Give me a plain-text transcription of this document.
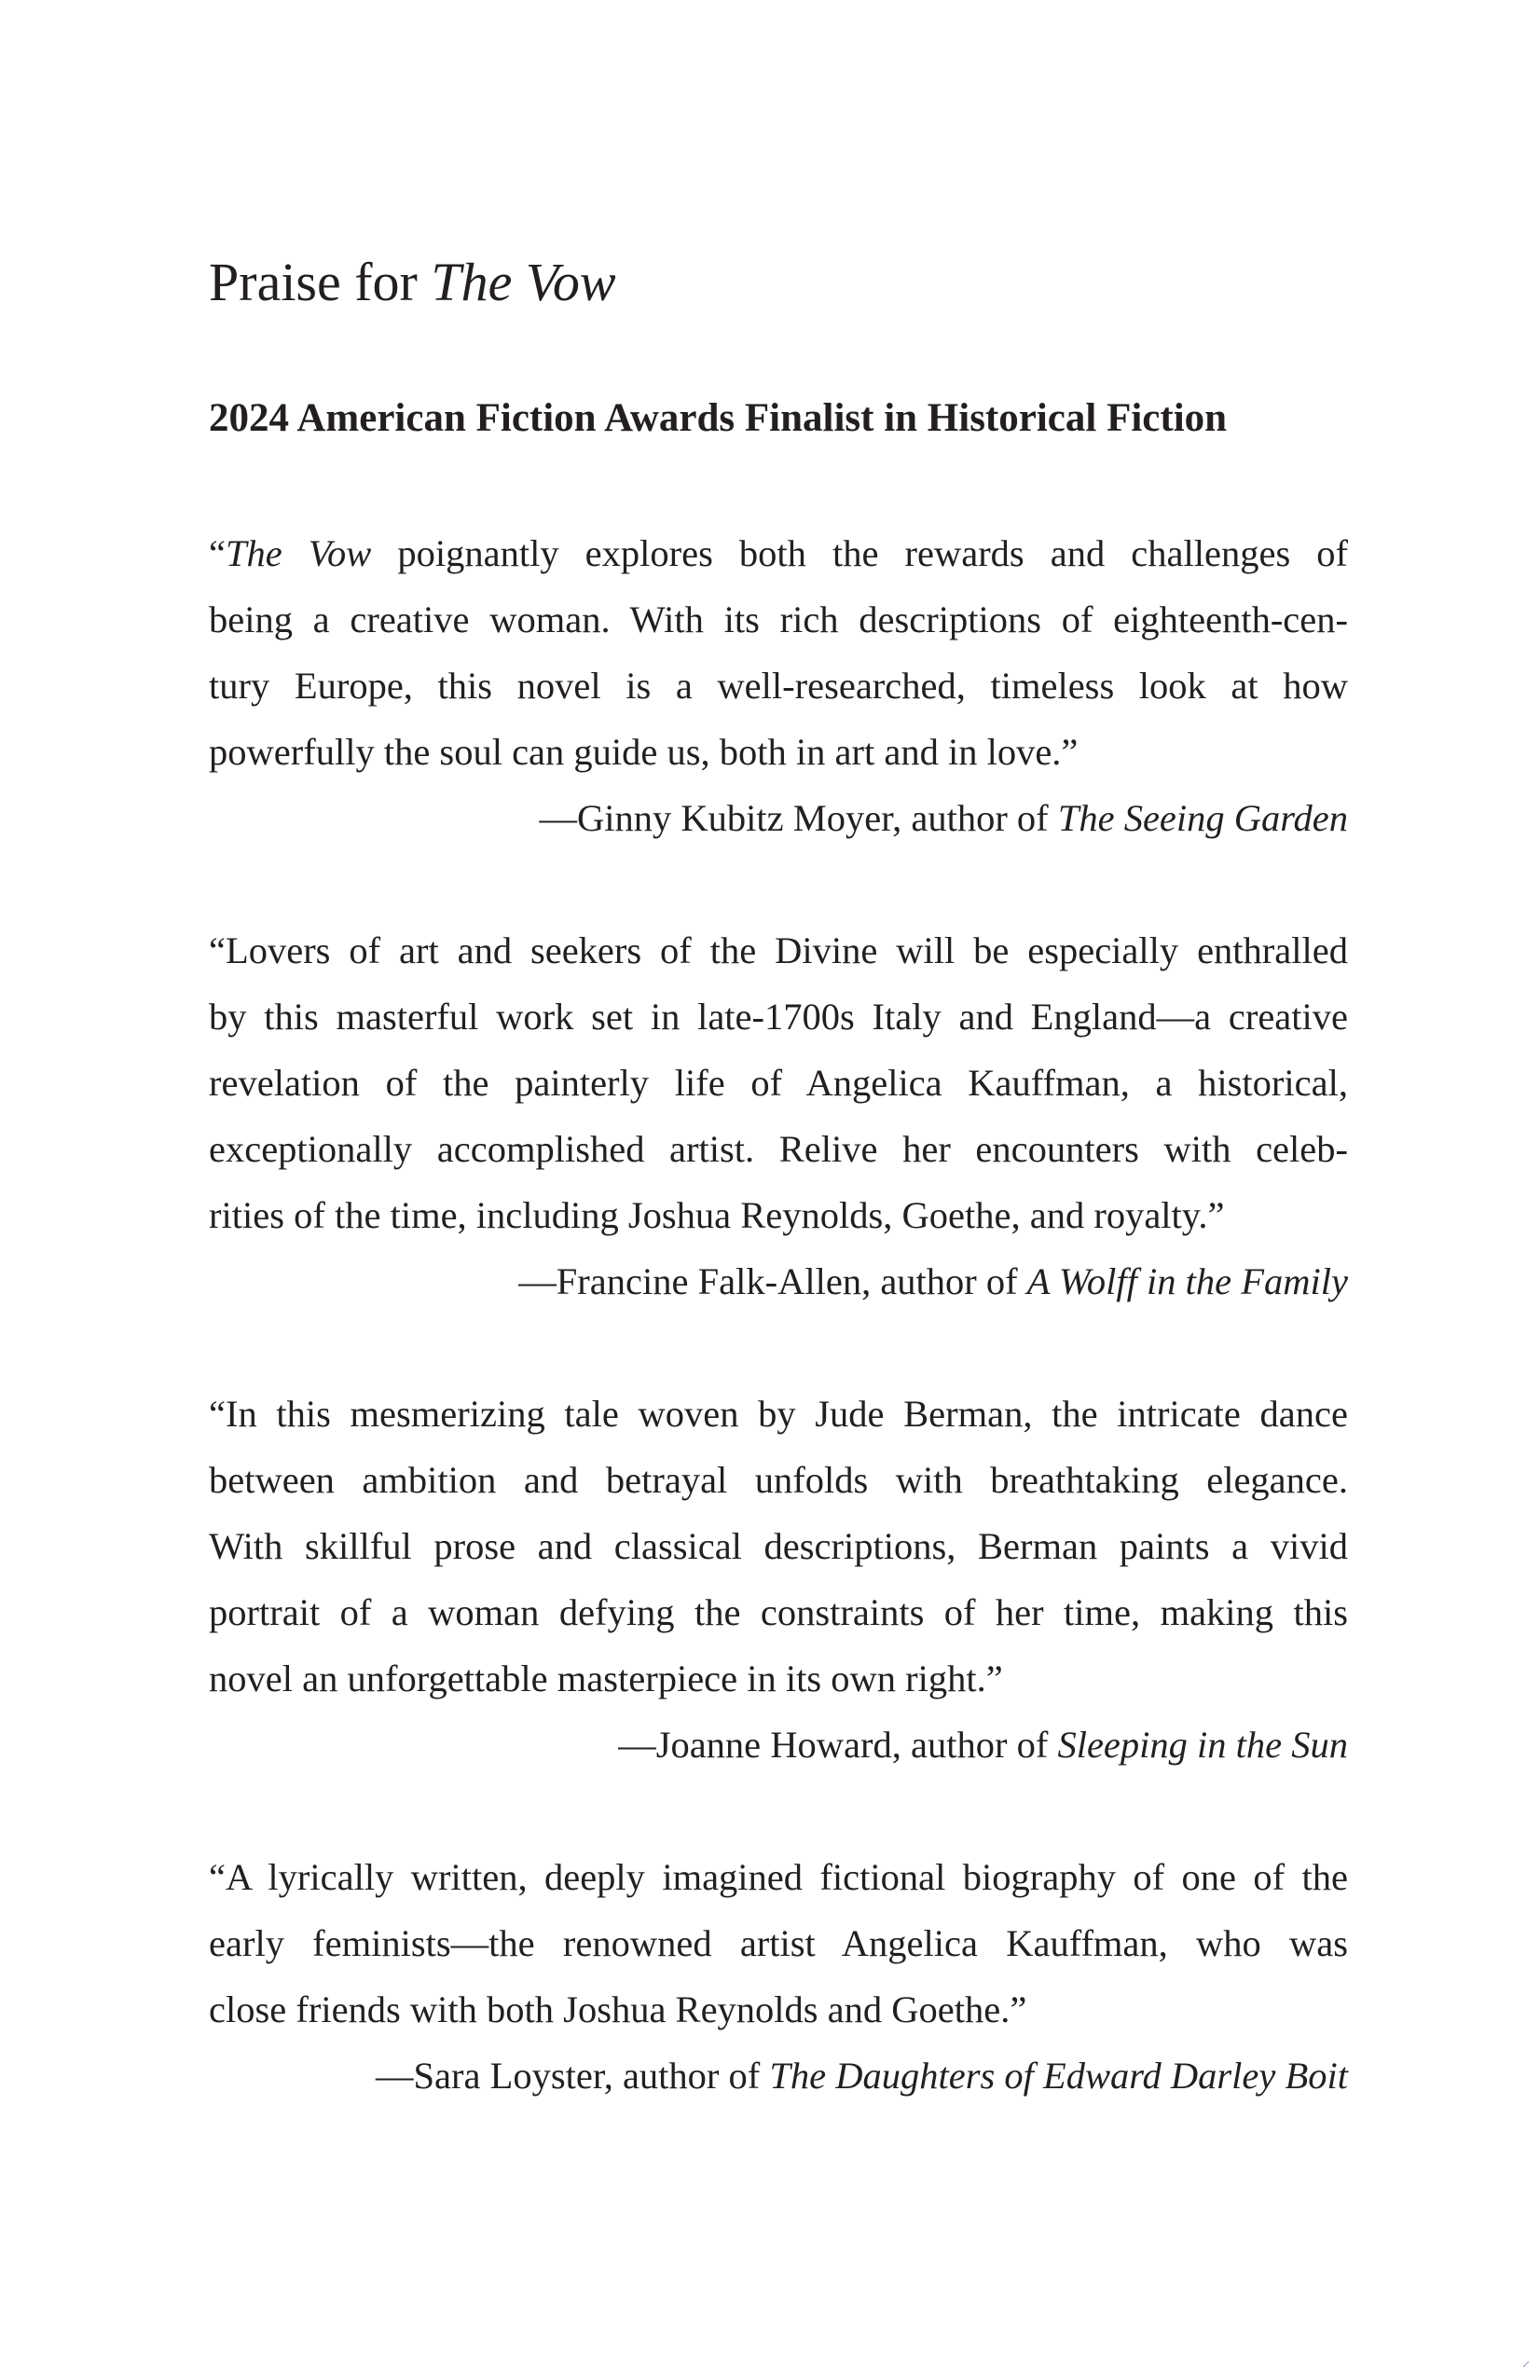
Praise for The Vow
2024 American Fiction Awards Finalist in Historical Fiction
“The Vow poignantly explores both the rewards and challenges of
being a creative woman. With its rich descriptions of eighteenth-cen-
tury Europe, this novel is a well-researched, timeless look at how
powerfully the soul can guide us, both in art and in love.”
—Ginny Kubitz Moyer, author of The Seeing Garden
“Lovers of art and seekers of the Divine will be especially enthralled
by this masterful work set in late-1700s Italy and England—a creative
revelation of the painterly life of Angelica Kauffman, a historical,
exceptionally accomplished artist. Relive her encounters with celeb-
rities of the time, including Joshua Reynolds, Goethe, and royalty.”
—Francine Falk-Allen, author of A Wolff in the Family
“In this mesmerizing tale woven by Jude Berman, the intricate dance
between ambition and betrayal unfolds with breathtaking elegance.
With skillful prose and classical descriptions, Berman paints a vivid
portrait of a woman defying the constraints of her time, making this
novel an unforgettable masterpiece in its own right.”
—Joanne Howard, author of Sleeping in the Sun
“A lyrically written, deeply imagined fictional biography of one of the
early feminists—the renowned artist Angelica Kauffman, who was
close friends with both Joshua Reynolds and Goethe.”
—Sara Loyster, author of The Daughters of Edward Darley Boit
